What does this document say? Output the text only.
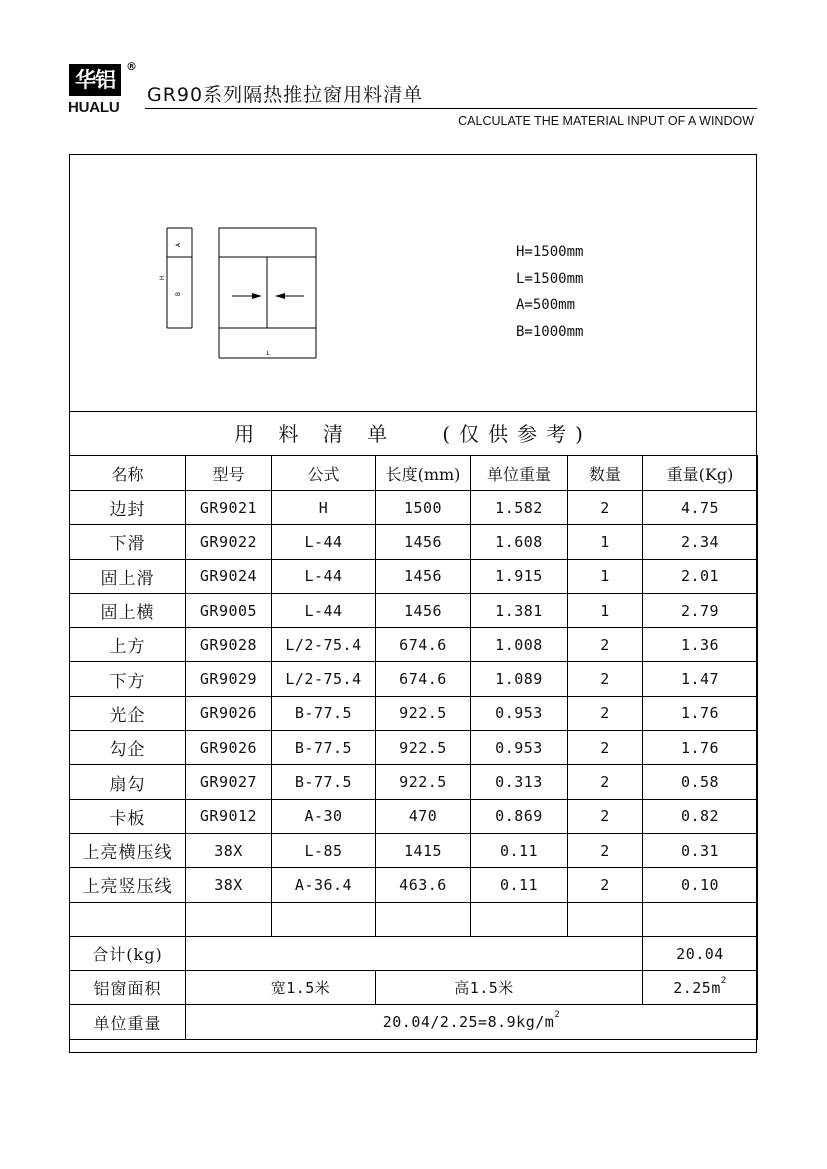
华铝
®
HUALU
GR90系列隔热推拉窗用料清单
CALCULATE THE MATERIAL INPUT OF A WINDOW
A
B
H
L
H=1500mm
L=1500mm
A=500mm
B=1000mm
用 料 清 单   (仅供参考)
名称	型号	公式	长度(mm)	单位重量	数量	重量(Kg)
边封	GR9021	H	1500	1.582	2	4.75
下滑	GR9022	L-44	1456	1.608	1	2.34
固上滑	GR9024	L-44	1456	1.915	1	2.01
固上横	GR9005	L-44	1456	1.381	1	2.79
上方	GR9028	L/2-75.4	674.6	1.008	2	1.36
下方	GR9029	L/2-75.4	674.6	1.089	2	1.47
光企	GR9026	B-77.5	922.5	0.953	2	1.76
勾企	GR9026	B-77.5	922.5	0.953	2	1.76
扇勾	GR9027	B-77.5	922.5	0.313	2	0.58
卡板	GR9012	A-30	470	0.869	2	0.82
上亮横压线	38X	L-85	1415	0.11	2	0.31
上亮竖压线	38X	A-36.4	463.6	0.11	2	0.10

合计(kg)						20.04
铝窗面积	宽1.5米		高1.5米			$2.25m^2$
单位重量	$20.04/2.25=8.9kg/m^2$
